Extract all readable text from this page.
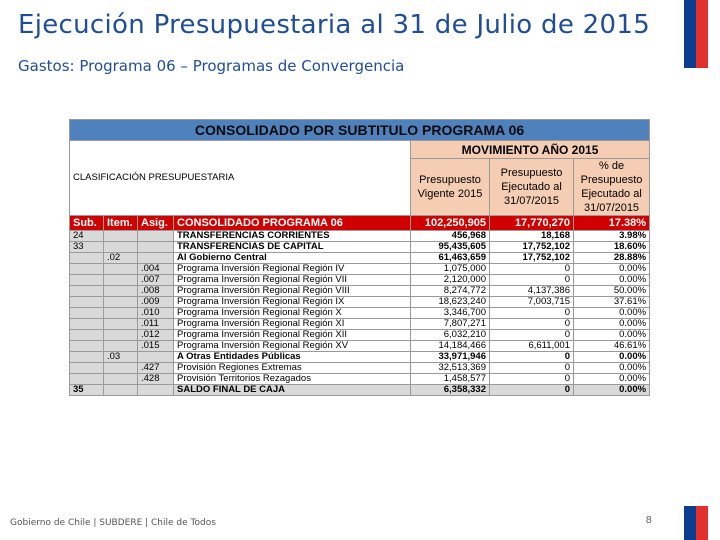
Ejecución Presupuestaria al 31 de Julio de 2015
Gastos: Programa 06 – Programas de Convergencia
CONSOLIDADO POR SUBTITULO PROGRAMA 06						
CLASIFICACIÓN PRESUPUESTARIA				MOVIMIENTO AÑO 2015		
				Presupuesto Vigente 2015	Presupuesto Ejecutado al 31/07/2015	% de Presupuesto Ejecutado al 31/07/2015
Sub.	Item.	Asig.	CONSOLIDADO PROGRAMA 06	102,250,905	17,770,270	17.38%
24			TRANSFERENCIAS CORRIENTES	456,968	18,168	3.98%
33			TRANSFERENCIAS DE CAPITAL	95,435,605	17,752,102	18.60%
	.02		Al Gobierno Central	61,463,659	17,752,102	28.88%
		.004	Programa Inversión Regional Región IV	1,075,000	0	0.00%
		.007	Programa Inversión Regional Región VII	2,120,000	0	0.00%
		.008	Programa Inversión Regional Región VIII	8,274,772	4,137,386	50.00%
		.009	Programa Inversión Regional Región IX	18,623,240	7,003,715	37.61%
		.010	Programa Inversión Regional Región X	3,346,700	0	0.00%
		.011	Programa Inversión Regional Región XI	7,807,271	0	0.00%
		.012	Programa Inversión Regional Región XII	6,032,210	0	0.00%
		.015	Programa Inversión Regional Región XV	14,184,466	6,611,001	46.61%
	.03		A Otras Entidades Públicas	33,971,946	0	0.00%
		.427	Provisión Regiones Extremas	32,513,369	0	0.00%
		.428	Provisión Territorios Rezagados	1,458,577	0	0.00%
35			SALDO FINAL DE CAJA	6,358,332	0	0.00%
Gobierno de Chile | SUBDERE | Chile de Todos	8
